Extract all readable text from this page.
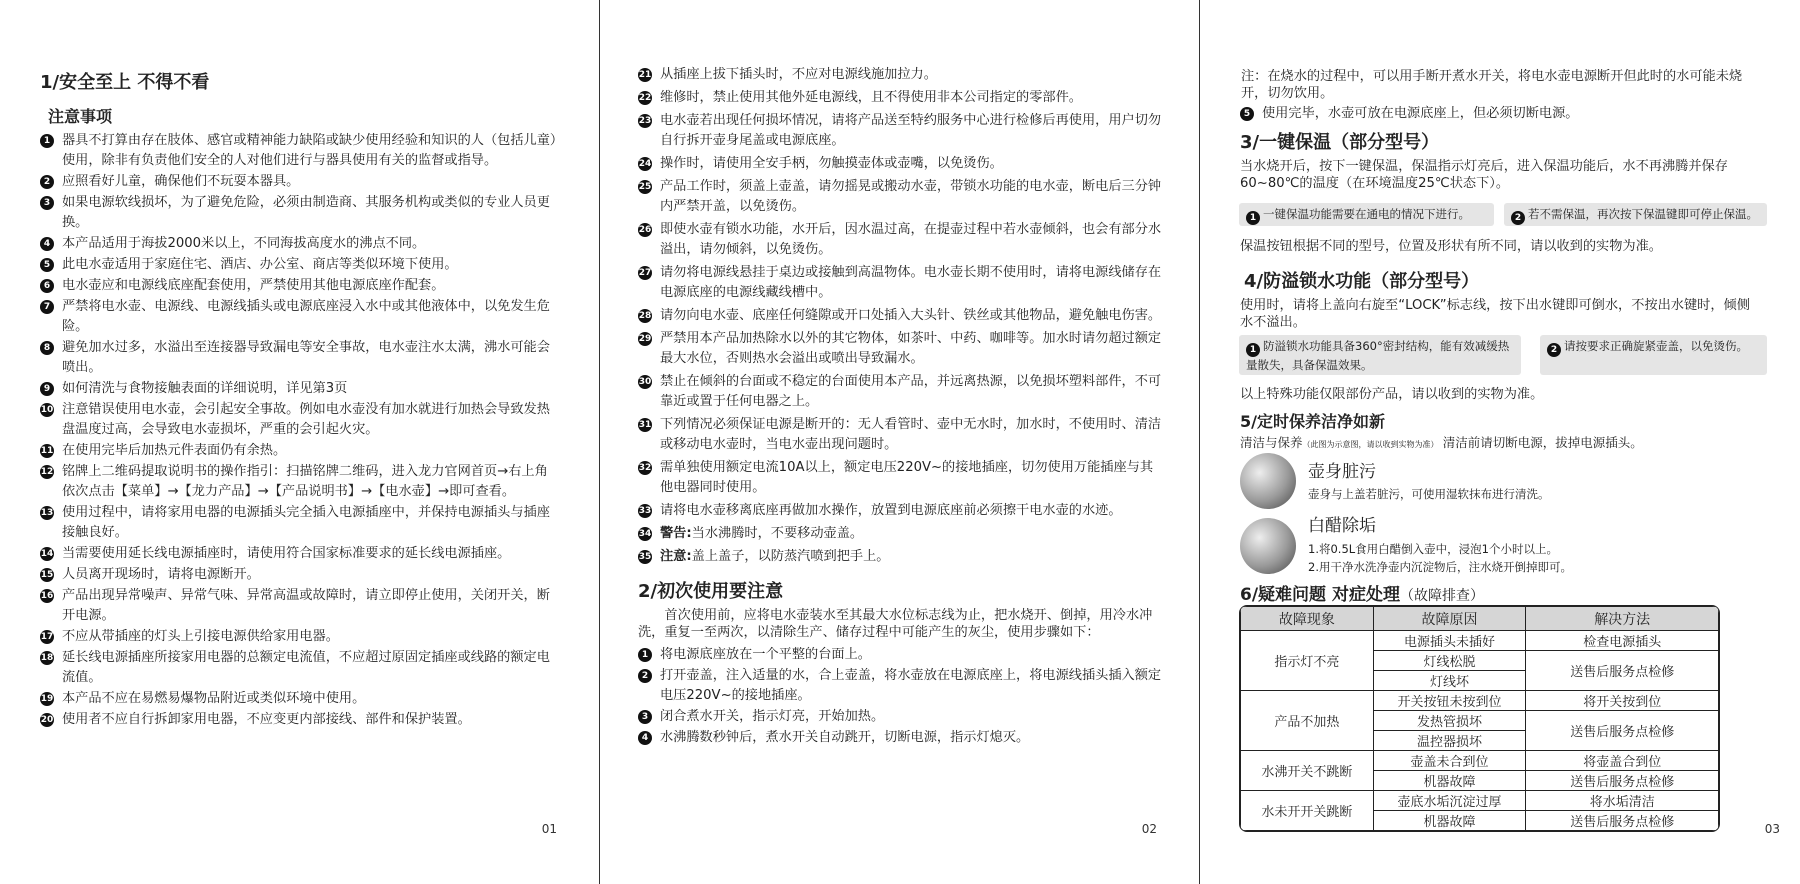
1/安全至上 不得不看
注意事项
1 器具不打算由存在肢体、感官或精神能力缺陷或缺少使用经验和知识的人（包括儿童）使用，除非有负责他们安全的人对他们进行与器具使用有关的监督或指导。
2 应照看好儿童，确保他们不玩耍本器具。
3 如果电源软线损坏，为了避免危险，必须由制造商、其服务机构或类似的专业人员更换。
4 本产品适用于海拔2000米以上，不同海拔高度水的沸点不同。
5 此电水壶适用于家庭住宅、酒店、办公室、商店等类似环境下使用。
6 电水壶应和电源线底座配套使用，严禁使用其他电源底座作配套。
7 严禁将电水壶、电源线、电源线插头或电源底座浸入水中或其他液体中，以免发生危险。
8 避免加水过多，水溢出至连接器导致漏电等安全事故，电水壶注水太满，沸水可能会喷出。
9 如何清洗与食物接触表面的详细说明，详见第3页
10 注意错误使用电水壶，会引起安全事故。例如电水壶没有加水就进行加热会导致发热盘温度过高，会导致电水壶损坏，严重的会引起火灾。
11 在使用完毕后加热元件表面仍有余热。
12 铭牌上二维码提取说明书的操作指引：扫描铭牌二维码，进入龙力官网首页→右上角依次点击【菜单】→【龙力产品】→【产品说明书】→【电水壶】→即可查看。
13 使用过程中，请将家用电器的电源插头完全插入电源插座中，并保持电源插头与插座接触良好。
14 当需要使用延长线电源插座时，请使用符合国家标准要求的延长线电源插座。
15 人员离开现场时，请将电源断开。
16 产品出现异常噪声、异常气味、异常高温或故障时，请立即停止使用，关闭开关，断开电源。
17 不应从带插座的灯头上引接电源供给家用电器。
18 延长线电源插座所接家用电器的总额定电流值，不应超过原固定插座或线路的额定电流值。
19 本产品不应在易燃易爆物品附近或类似环境中使用。
20 使用者不应自行拆卸家用电器，不应变更内部接线、部件和保护装置。
01
21 从插座上拔下插头时，不应对电源线施加拉力。
22 维修时，禁止使用其他外延电源线，且不得使用非本公司指定的零部件。
23 电水壶若出现任何损坏情况，请将产品送至特约服务中心进行检修后再使用，用户切勿自行拆开壶身尾盖或电源底座。
24 操作时，请使用全安手柄，勿触摸壶体或壶嘴，以免烫伤。
25 产品工作时，须盖上壶盖，请勿摇晃或搬动水壶，带锁水功能的电水壶，断电后三分钟内严禁开盖，以免烫伤。
26 即使水壶有锁水功能，水开后，因水温过高，在提壶过程中若水壶倾斜，也会有部分水溢出，请勿倾斜，以免烫伤。
27 请勿将电源线悬挂于桌边或接触到高温物体。电水壶长期不使用时，请将电源线储存在电源底座的电源线藏线槽中。
28 请勿向电水壶、底座任何缝隙或开口处插入大头针、铁丝或其他物品，避免触电伤害。
29 严禁用本产品加热除水以外的其它物体，如茶叶、中药、咖啡等。加水时请勿超过额定最大水位，否则热水会溢出或喷出导致漏水。
30 禁止在倾斜的台面或不稳定的台面使用本产品，并远离热源，以免损坏塑料部件，不可靠近或置于任何电器之上。
31 下列情况必须保证电源是断开的：无人看管时、壶中无水时，加水时，不使用时、清洁或移动电水壶时，当电水壶出现问题时。
32 需单独使用额定电流10A以上，额定电压220V~的接地插座，切勿使用万能插座与其他电器同时使用。
33 请将电水壶移离底座再做加水操作，放置到电源底座前必须擦干电水壶的水迹。
34 警告:当水沸腾时，不要移动壶盖。
35 注意:盖上盖子，以防蒸汽喷到把手上。
2/初次使用要注意

首次使用前，应将电水壶装水至其最大水位标志线为止，把水烧开、倒掉，用冷水冲洗，重复一至两次，以清除生产、储存过程中可能产生的灰尘，使用步骤如下：

1 将电源底座放在一个平整的台面上。
2 打开壶盖，注入适量的水，合上壶盖，将水壶放在电源底座上，将电源线插头插入额定电压220V~的接地插座。
3 闭合煮水开关，指示灯亮，开始加热。
4 水沸腾数秒钟后，煮水开关自动跳开，切断电源，指示灯熄灭。
02

注：在烧水的过程中，可以用手断开煮水开关，将电水壶电源断开但此时的水可能未烧开，切勿饮用。

5 使用完毕，水壶可放在电源底座上，但必须切断电源。
3/一键保温（部分型号）

当水烧开后，按下一键保温，保温指示灯亮后，进入保温功能后，水不再沸腾并保存60~80℃的温度（在环境温度25℃状态下）。

1 一键保温功能需要在通电的情况下进行。	2 若不需保温，再次按下保温键即可停止保温。

保温按钮根据不同的型号，位置及形状有所不同，请以收到的实物为准。

4/防溢锁水功能（部分型号）

使用时，请将上盖向右旋至“LOCK”标志线，按下出水键即可倒水，不按出水键时，倾侧水不溢出。

1 防溢锁水功能具备360°密封结构，能有效减缓热量散失，具备保温效果。
2 请按要求正确旋紧壶盖，以免烫伤。

以上特殊功能仅限部份产品，请以收到的实物为准。

5/定时保养洁净如新

清洁与保养（此图为示意图，请以收到实物为准） 清洁前请切断电源，拔掉电源插头。

壶身脏污
壶身与上盖若脏污，可使用湿软抹布进行清洗。
白醋除垢
1.将0.5L食用白醋倒入壶中，浸泡1个小时以上。
2.用干净水洗净壶内沉淀物后，注水烧开倒掉即可。
6/疑难问题 对症处理（故障排查）
故障现象	故障原因	解决方法
指示灯不亮	电源插头未插好	检查电源插头
	灯线松脱	送售后服务点检修
	灯线坏	
产品不加热	开关按钮未按到位	将开关按到位
	发热管损坏	送售后服务点检修
	温控器损坏	
水沸开关不跳断	壶盖未合到位	将壶盖合到位
	机器故障	送售后服务点检修
水未开开关跳断	壶底水垢沉淀过厚	将水垢清洁
	机器故障	送售后服务点检修	03
